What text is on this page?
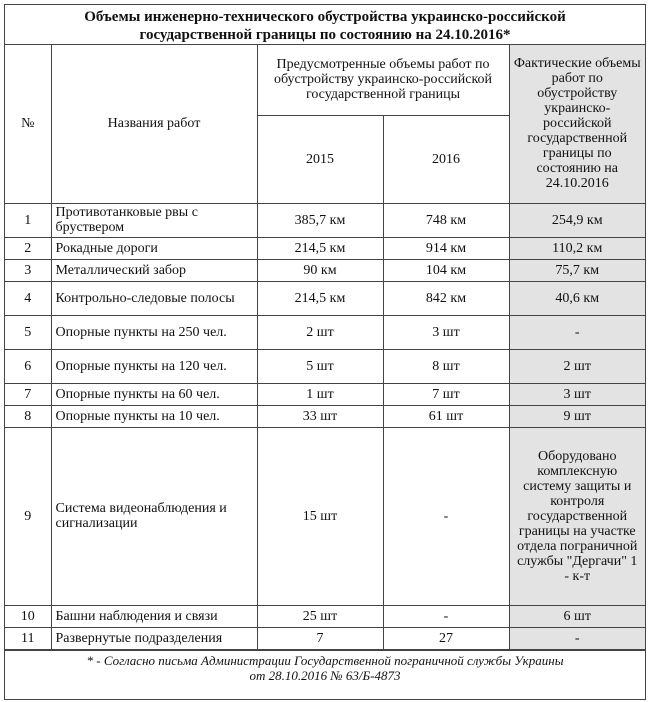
Объемы инженерно-технического обустройства украинско-российской
государственной границы по состоянию на 24.10.2016*
№	Названия работ	Предусмотренные объемы работ по обустройству украинско-российской государственной границы		Фактические объемы работ по обустройству украинско-российской государственной границы по состоянию на 24.10.2016
		2015	2016	
1	Противотанковые рвы с бруствером	385,7 км	748 км	254,9 км
2	Рокадные дороги	214,5 км	914 км	110,2 км
3	Металлический забор	90 км	104 км	75,7 км
4	Контрольно-следовые полосы	214,5 км	842 км	40,6 км
5	Опорные пункты на 250 чел.	2 шт	3 шт	-
6	Опорные пункты на 120 чел.	5 шт	8 шт	2 шт
7	Опорные пункты на 60 чел.	1 шт	7 шт	3 шт
8	Опорные пункты на 10 чел.	33 шт	61 шт	9 шт
9	Система видеонаблюдения и сигнализации	15 шт	-	Оборудовано комплексную систему защиты и контроля государственной границы на участке отдела пограничной службы "Дергачи" 1 - к-т
10	Башни наблюдения и связи	25 шт	-	6 шт
11	Развернутые подразделения	7	27	-
* - Согласно письма Администрации Государственной пограничной службы Украины
от 28.10.2016 № 63/Б-4873
